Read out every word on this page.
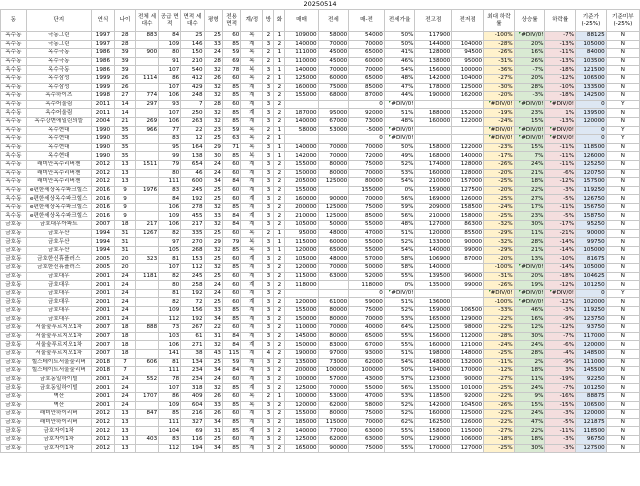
20250514
동	단지	연식	나이	전체 세대수	공급 면적	면적 세대수	평형	전용 면적	계/정	방	화	매매	전세	매-전	전세가율	전고점	전저점	최대 하락률	상승률	하락률	기준가 (-25%)	기준미부 (-25%)
옥수동	극동그린	1997	28	883	84	25	25	60	복	2	1	109000	58000	54000	50%	117900		-100%	#DIV/0!	-7%	88125	N
옥수동	극동그린	1997	28		109	146	33	85	계	3	2	140000	70000	70000	50%	144000	104000	-28%	20%	-13%	105000	N
옥수동	옥수극동	1986	39	900	80	150	24	59	복	2	1	111000	45000	65000	41%	128000	94500	-26%	16%	-11%	84000	N
옥수동	옥수극동	1986	39		91	210	28	69	복	2	1	110000	45000	60000	46%	138000	95000	-31%	26%	-13%	103500	N
옥수동	옥수극동	1986	39		107	540	32	78	복	3	1	140000	70000	70000	54%	156000	100000	-36%	-7%	-18%	121500	N
옥수동	옥수삼성	1999	26	1114	86	412	26	60	복	2	1	125000	60000	65000	48%	142000	104000	-27%	20%	-12%	106500	N
옥수동	옥수삼성	1999	26		107	429	32	85	계	3	2	160000	75000	85000	47%	178000	125000	-30%	28%	-10%	133500	N
옥수동	옥수하이츠	1998	27	774	106	248	32	85	계	3	2	155000	68000	87000	44%	190000	162000	-20%	-3%	-18%	142500	N
옥수동	옥수어울림	2011	14	297	93	7	28	60	계	3	2			0	#DIV/0!			#DIV/0!	#DIV/0!	#DIV/0!	0	Y
옥수동	옥수어울림	2011	14		107	250	32	85	계	3	2	187000	95000	92000	51%	188000	152000	-19%	23%	1%	139500	N
옥수동	옥수강변에일린의뜰	2004	21	269	106	263	32	85	계	3	2	140000	67000	73000	48%	160000	122000	-24%	15%	-13%	120000	N
옥수동	옥수현대	1990	35	966	77	22	23	59	복	2	1	58000	53000	-5000	#DIV/0!			#DIV/0!	#DIV/0!	#DIV/0!	0	Y
옥수동	옥수현대	1990	35		83	12	25	63	복	2	1			0	#DIV/0!			#DIV/0!	#DIV/0!	#DIV/0!	0	Y
옥수동	옥수현대	1990	35		95	164	29	71	복	3	1	140000	70000	70000	50%	158000	122000	-23%	15%	-11%	118500	N
옥수동	옥수현대	1990	35		99	138	30	85	복	3	1	142000	70000	72000	49%	168000	140000	-17%	7%	-11%	126000	N
옥수동	래미안옥수리버젠	2012	13	1511	79	654	24	60	계	3	2	155000	80000	75000	52%	174000	128000	-26%	24%	-11%	125250	N
옥수동	래미안옥수리버젠	2012	13		80	46	24	60	계	3	2	150000	80000	70000	53%	160000	128000	-20%	21%	-6%	120750	N
옥수동	래미안옥수리버젠	2012	13		111	600	34	84	계	3	2	205000	125000	80000	54%	210000	157000	-25%	18%	-12%	157500	N
옥수동	e편한세상옥수파크힐스	2016	9	1976	83	245	25	60	계	3	2	155000		155000	0%	159000	127500	-20%	22%	-3%	119250	N
옥수동	e편한세상옥수파크힐스	2016	9		84	192	25	60	계	3	2	160000	90000	70000	56%	169000	126000	-25%	27%	-5%	126750	N
옥수동	e편한세상옥수파크힐스	2016	9		106	278	32	85	계	3	2	200000	125000	75000	59%	209000	158500	-24%	17%	-11%	156750	N
옥수동	e편한세상옥수파크힐스	2016	9		109	455	33	84	계	3	2	210000	125000	85000	56%	210000	158000	-25%	23%	-5%	158750	N
금호동	금호대우아파트	2007	18	217	106	217	32	84	계	3	2	105000	50000	55000	48%	127000	86300	-32%	30%	-17%	95250	N
금호동	금호두산	1994	31	1267	82	335	25	60	복	2	1	95000	48000	47000	51%	120000	85500	-29%	11%	-21%	90000	N
금호동	금호두산	1994	31		97	270	29	79	복	3	1	115000	60000	55000	52%	133000	90000	-32%	28%	-14%	99750	N
금호동	금호두산	1994	31		105	268	32	85	복	3	1	120000	65000	55000	54%	140000	99000	-29%	21%	-14%	105000	N
금호동	금호한신휴플러스	2005	20	323	81	153	25	60	계	3	2	105000	48000	57000	58%	106900	87000	-20%	13%	-10%	81675	N
금호동	금호한신휴플러스	2005	20		107	112	32	85	계	3	2	120000	70000	50000	58%	140000		-100%	#DIV/0!	-14%	105000	N
금호동	금호대우	2001	24	1181	82	245	25	60	계	3	2	115000	63000	52000	55%	139500	96000	-31%	20%	-18%	104625	N
금호동	금호대우	2001	24		80	258	24	60	계	3	2	118000		118000	0%	135000	99000	-26%	19%	-12%	101250	N
금호동	금호대우	2001	24		81	192	24	60	계	3	2			0	#DIV/0!			#DIV/0!	#DIV/0!	#DIV/0!	0	Y
금호동	금호대우	2001	24		82	72	25	60	계	3	2	120000	61000	59000	51%	136000		-100%	#DIV/0!	-12%	102000	N
금호동	금호대우	2001	24		109	156	33	85	계	3	2	155000	80000	75000	52%	159000	106500	-33%	46%	-3%	119250	N
금호동	금호대우	2001	24		112	192	34	85	계	3	2	150000	80000	70000	53%	165000	129000	-22%	16%	-9%	123750	N
금호동	서울숲푸르지오1차	2007	18	888	73	267	22	60	계	3	2	110000	70000	40000	64%	125000	98000	-22%	12%	-12%	93750	N
금호동	서울숲푸르지오1차	2007	18		103	61	31	84	계	3	2	145000	80000	65000	55%	156000	112000	-28%	30%	-7%	117000	N
금호동	서울숲푸르지오1차	2007	18		106	271	32	84	계	3	2	150000	83000	67000	55%	160000	121000	-24%	24%	-6%	120000	N
금호동	서울숲푸르지오1차	2007	18		141	38	43	115	계	4	2	190000	97000	93000	51%	198000	148000	-25%	28%	-4%	148500	N
금호동	힐스테이트서울숲리버	2018	7	606	81	134	25	59	계	3	2	135000	73000	62000	54%	148000	132000	-11%	2%	-9%	111000	N
금호동	힐스테이트서울숲리버	2018	7		111	234	34	84	계	3	2	200000	100000	100000	50%	194000	170000	-12%	18%	3%	145500	N
금호동	금호동일하이빌	2001	24	552	78	234	24	60	계	3	2	100000	57000	43000	57%	123000	90000	-27%	11%	-19%	92250	N
금호동	금호동일하이빌	2001	24		107	318	32	85	계	3	2	125000	70000	55000	56%	135000	101000	-25%	24%	-7%	101250	N
금호동	벽산	2001	24	1707	86	409	26	60	복	2	1	100000	53000	47000	53%	118500	92000	-22%	9%	-16%	88875	N
금호동	벽산	2001	24		109	604	33	85	복	3	2	120000	62000	58000	52%	142000	104500	-26%	15%	-15%	106500	N
금호동	래미안하이리버	2012	13	847	85	216	26	60	계	3	2	155000	80000	75000	52%	160000	125000	-22%	24%	-3%	120000	N
금호동	래미안하이리버	2012	13		111	327	34	85	계	3	2	185000	115000	70000	62%	162500	126000	-22%	47%	-5%	121875	N
금호동	금호자이1차	2012	13		104	69	31	85	계	3	2	140000	77000	63000	55%	158000	115000	-27%	22%	-11%	118500	N
금호동	금호자이1차	2012	13	403	83	116	25	60	계	3	2	125000	62000	63000	50%	129000	106000	-18%	18%	-3%	96750	N
금호동	금호자이1차	2012	13		112	194	34	85	계	3	2	165000	90000	75000	55%	170000	127000	-25%	30%	-3%	127500	N
